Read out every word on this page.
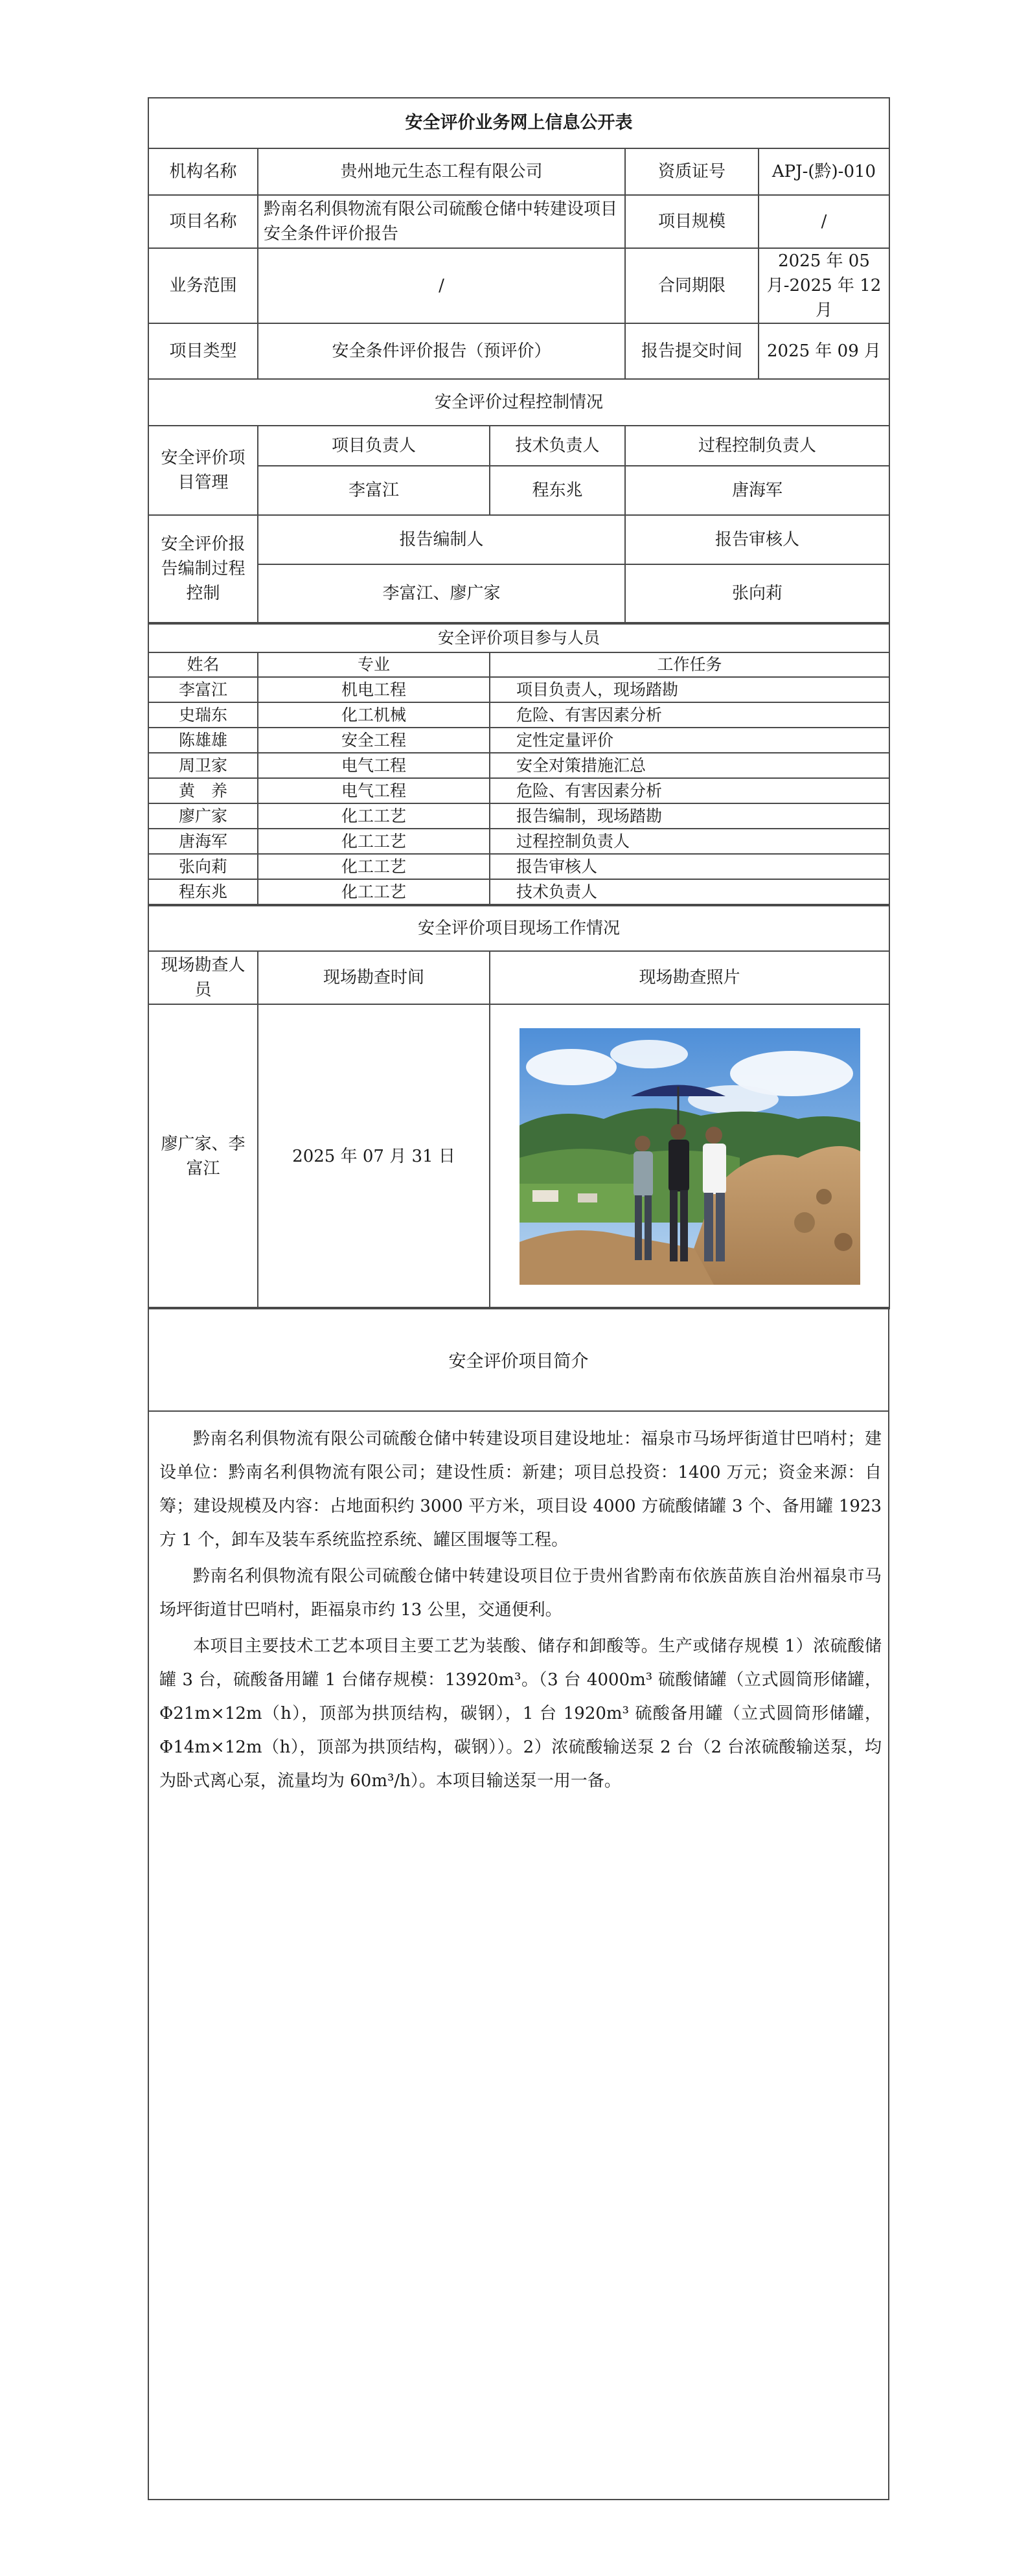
安全评价业务网上信息公开表				
机构名称	贵州地元生态工程有限公司		资质证号	APJ-(黔)-010
项目名称	黔南名利俱物流有限公司硫酸仓储中转建设项目安全条件评价报告		项目规模	/
业务范围	/		合同期限	2025 年 05 月-2025 年 12 月
项目类型	安全条件评价报告（预评价）		报告提交时间	2025 年 09 月
安全评价过程控制情况				
安全评价项目管理	项目负责人	技术负责人	过程控制负责人	
	李富江	程东兆	唐海军	
安全评价报告编制过程控制	报告编制人		报告审核人	
	李富江、廖广家		张向莉	
安全评价项目参与人员		
姓名	专业	工作任务
李富江	机电工程	项目负责人，现场踏勘
史瑞东	化工机械	危险、有害因素分析
陈雄雄	安全工程	定性定量评价
周卫家	电气工程	安全对策措施汇总
黄　养	电气工程	危险、有害因素分析
廖广家	化工工艺	报告编制，现场踏勘
唐海军	化工工艺	过程控制负责人
张向莉	化工工艺	报告审核人
程东兆	化工工艺	技术负责人
安全评价项目现场工作情况		
现场勘查人员	现场勘查时间	现场勘查照片
廖广家、李富江	2025 年 07 月 31 日	
安全评价项目简介

黔南名利俱物流有限公司硫酸仓储中转建设项目建设地址：福泉市马场坪街道甘巴哨村；建设单位：黔南名利俱物流有限公司；建设性质：新建；项目总投资：1400 万元；资金来源：自筹；建设规模及内容：占地面积约 3000 平方米，项目设 4000 方硫酸储罐 3 个、备用罐 1923 方 1 个，卸车及装车系统监控系统、罐区围堰等工程。

黔南名利俱物流有限公司硫酸仓储中转建设项目位于贵州省黔南布依族苗族自治州福泉市马场坪街道甘巴哨村，距福泉市约 13 公里，交通便利。

本项目主要技术工艺本项目主要工艺为装酸、储存和卸酸等。生产或储存规模 1）浓硫酸储罐 3 台，硫酸备用罐 1 台储存规模：13920m³。（3 台 4000m³ 硫酸储罐（立式圆筒形储罐，Φ21m×12m（h），顶部为拱顶结构，碳钢），1 台 1920m³ 硫酸备用罐（立式圆筒形储罐，Φ14m×12m（h），顶部为拱顶结构，碳钢））。2）浓硫酸输送泵 2 台（2 台浓硫酸输送泵，均为卧式离心泵，流量均为 60m³/h）。本项目输送泵一用一备。
